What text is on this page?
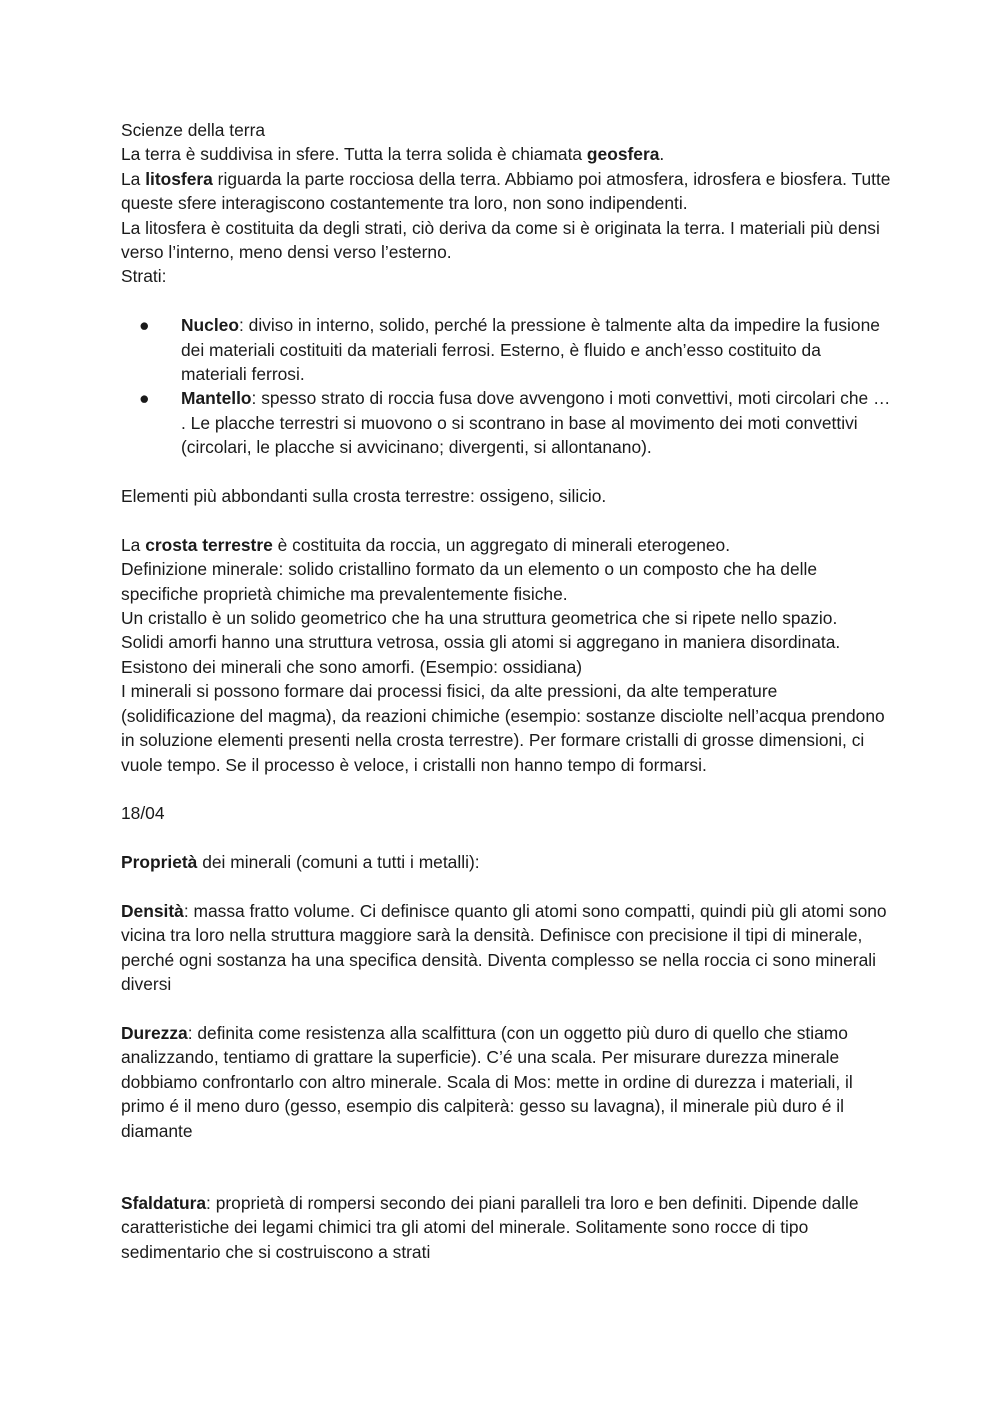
Scienze della terra

La terra è suddivisa in sfere. Tutta la terra solida è chiamata geosfera.

La litosfera riguarda la parte rocciosa della terra. Abbiamo poi atmosfera, idrosfera e biosfera. Tutte queste sfere interagiscono costantemente tra loro, non sono indipendenti.

La litosfera è costituita da degli strati, ciò deriva da come si è originata la terra. I materiali più densi verso l’interno, meno densi verso l’esterno.

Strati:

● Nucleo: diviso in interno, solido, perché la pressione è talmente alta da impedire la fusione dei materiali costituiti da materiali ferrosi. Esterno, è fluido e anch’esso costituito da materiali ferrosi.
● Mantello: spesso strato di roccia fusa dove avvengono i moti convettivi, moti circolari che … . Le placche terrestri si muovono o si scontrano in base al movimento dei moti convettivi (circolari, le placche si avvicinano; divergenti, si allontanano).

Elementi più abbondanti sulla crosta terrestre: ossigeno, silicio.

La crosta terrestre è costituita da roccia, un aggregato di minerali eterogeneo.

Definizione minerale: solido cristallino formato da un elemento o un composto che ha delle specifiche proprietà chimiche ma prevalentemente fisiche.

Un cristallo è un solido geometrico che ha una struttura geometrica che si ripete nello spazio.

Solidi amorfi hanno una struttura vetrosa, ossia gli atomi si aggregano in maniera disordinata. Esistono dei minerali che sono amorfi. (Esempio: ossidiana)

I minerali si possono formare dai processi fisici, da alte pressioni, da alte temperature (solidificazione del magma), da reazioni chimiche (esempio: sostanze disciolte nell’acqua prendono in soluzione elementi presenti nella crosta terrestre). Per formare cristalli di grosse dimensioni, ci vuole tempo. Se il processo è veloce, i cristalli non hanno tempo di formarsi.

18/04

Proprietà dei minerali (comuni a tutti i metalli):

Densità: massa fratto volume. Ci definisce quanto gli atomi sono compatti, quindi più gli atomi sono vicina tra loro nella struttura maggiore sarà la densità. Definisce con precisione il tipi di minerale, perché ogni sostanza ha una specifica densità. Diventa complesso se nella roccia ci sono minerali diversi

Durezza: definita come resistenza alla scalfittura (con un oggetto più duro di quello che stiamo analizzando, tentiamo di grattare la superficie). C’é una scala. Per misurare durezza minerale dobbiamo confrontarlo con altro minerale. Scala di Mos: mette in ordine di durezza i materiali, il primo é il meno duro (gesso, esempio dis calpiterà: gesso su lavagna), il minerale più duro é il diamante

Sfaldatura: proprietà di rompersi secondo dei piani paralleli tra loro e ben definiti. Dipende dalle caratteristiche dei legami chimici tra gli atomi del minerale. Solitamente sono rocce di tipo sedimentario che si costruiscono a strati
